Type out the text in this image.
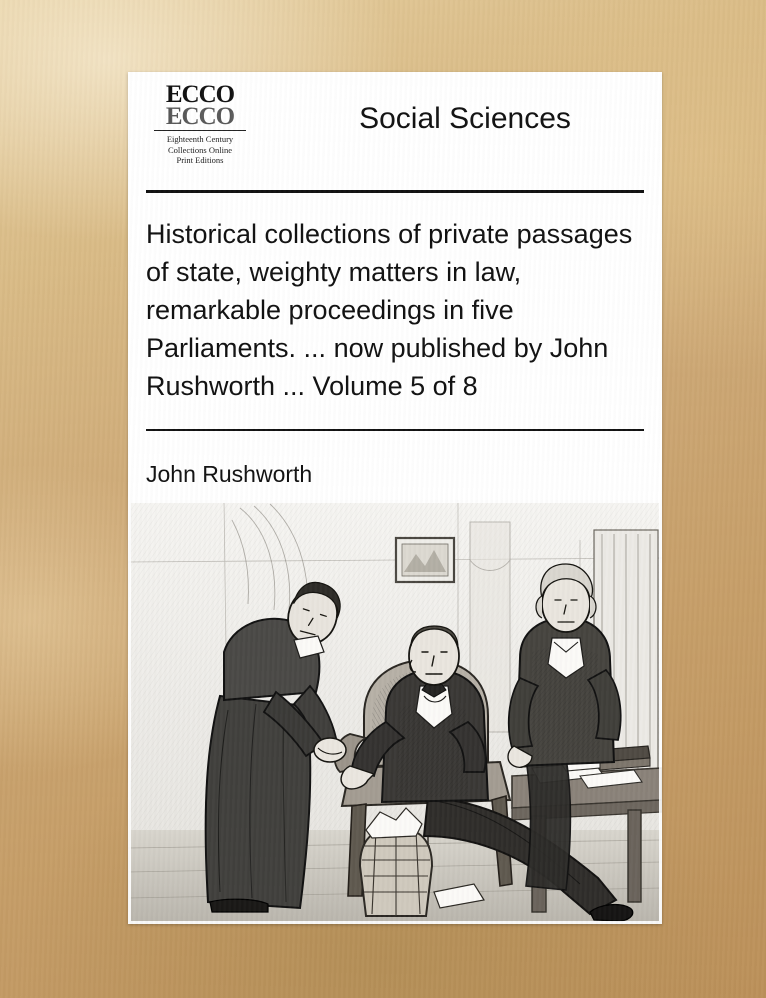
ECCO
ECCO
Eighteenth Century
Collections Online
Print Editions
Social Sciences
Historical collections of private passages of state, weighty matters in law, remarkable proceedings in five Parliaments. ... now published by John Rushworth ... Volume 5 of 8

John Rushworth
